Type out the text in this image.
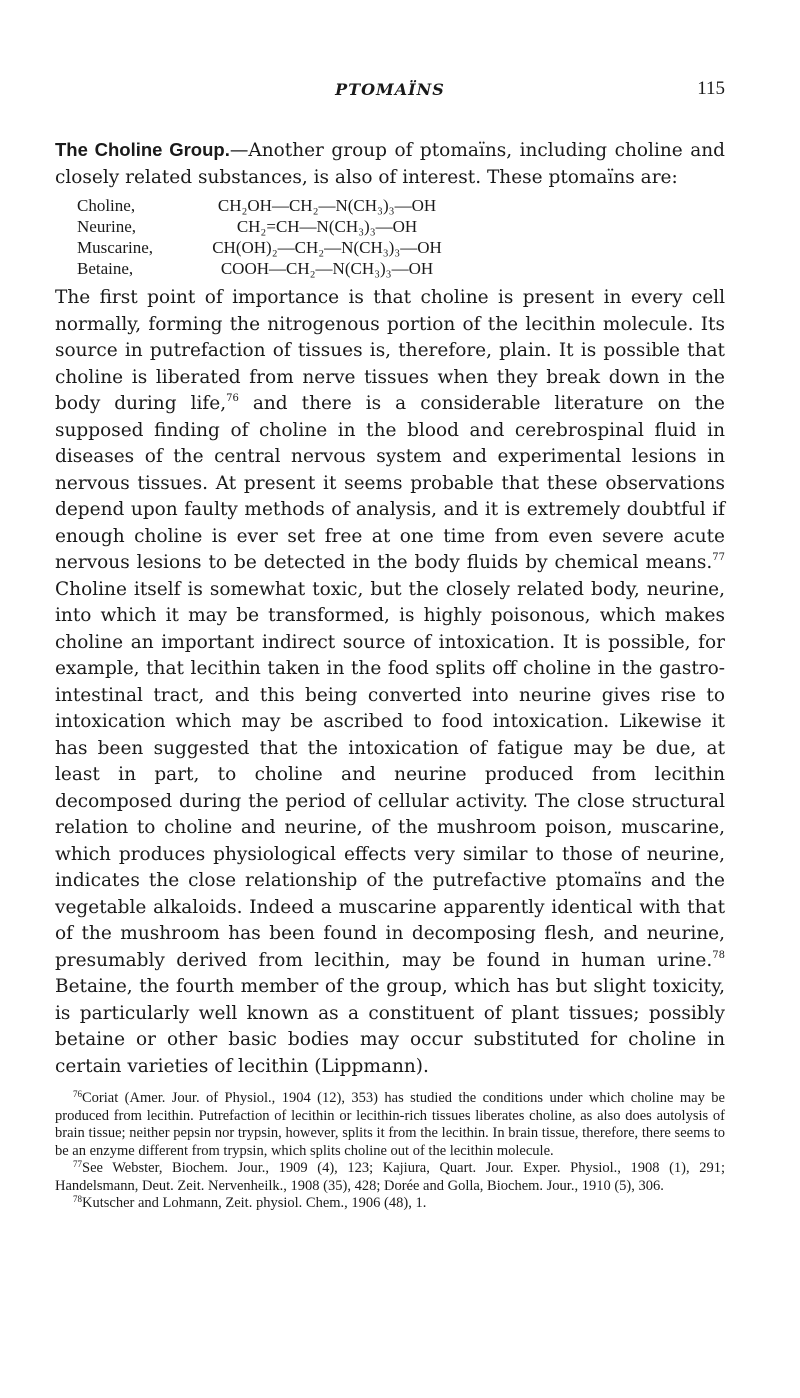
PTOMAÏNS	115

The Choline Group.—Another group of ptomaïns, including choline and closely related substances, is also of interest. These ptomaïns are:

Choline,	CH₂OH—CH₂—N(CH₃)₃—OH
Neurine,	CH₂=CH—N(CH₃)₃—OH
Muscarine,	CH(OH)₂—CH₂—N(CH₃)₃—OH
Betaine,	COOH—CH₂—N(CH₃)₃—OH

The first point of importance is that choline is present in every cell normally, forming the nitrogenous portion of the lecithin molecule. Its source in putrefaction of tissues is, therefore, plain. It is possible that choline is liberated from nerve tissues when they break down in the body during life,$^{76}$ and there is a considerable literature on the supposed finding of choline in the blood and cerebrospinal fluid in diseases of the central nervous system and experimental lesions in nervous tissues. At present it seems probable that these observations depend upon faulty methods of analysis, and it is extremely doubtful if enough choline is ever set free at one time from even severe acute nervous lesions to be detected in the body fluids by chemical means.$^{77}$ Choline itself is somewhat toxic, but the closely related body, neurine, into which it may be transformed, is highly poisonous, which makes choline an important indirect source of intoxication. It is possible, for example, that lecithin taken in the food splits off choline in the gastro-intestinal tract, and this being converted into neurine gives rise to intoxication which may be ascribed to food intoxication. Likewise it has been suggested that the intoxication of fatigue may be due, at least in part, to choline and neurine produced from lecithin decomposed during the period of cellular activity. The close structural relation to choline and neurine, of the mushroom poison, muscarine, which produces physiological effects very similar to those of neurine, indicates the close relationship of the putrefactive ptomaïns and the vegetable alkaloids. Indeed a muscarine apparently identical with that of the mushroom has been found in decomposing flesh, and neurine, presumably derived from lecithin, may be found in human urine.$^{78}$ Betaine, the fourth member of the group, which has but slight toxicity, is particularly well known as a constituent of plant tissues; possibly betaine or other basic bodies may occur substituted for choline in certain varieties of lecithin (Lippmann).

$^{76}$Coriat (Amer. Jour. of Physiol., 1904 (12), 353) has studied the conditions under which choline may be produced from lecithin. Putrefaction of lecithin or lecithin-rich tissues liberates choline, as also does autolysis of brain tissue; neither pepsin nor trypsin, however, splits it from the lecithin. In brain tissue, therefore, there seems to be an enzyme different from trypsin, which splits choline out of the lecithin molecule.

$^{77}$See Webster, Biochem. Jour., 1909 (4), 123; Kajiura, Quart. Jour. Exper. Physiol., 1908 (1), 291; Handelsmann, Deut. Zeit. Nervenheilk., 1908 (35), 428; Dorée and Golla, Biochem. Jour., 1910 (5), 306.

$^{78}$Kutscher and Lohmann, Zeit. physiol. Chem., 1906 (48), 1.
